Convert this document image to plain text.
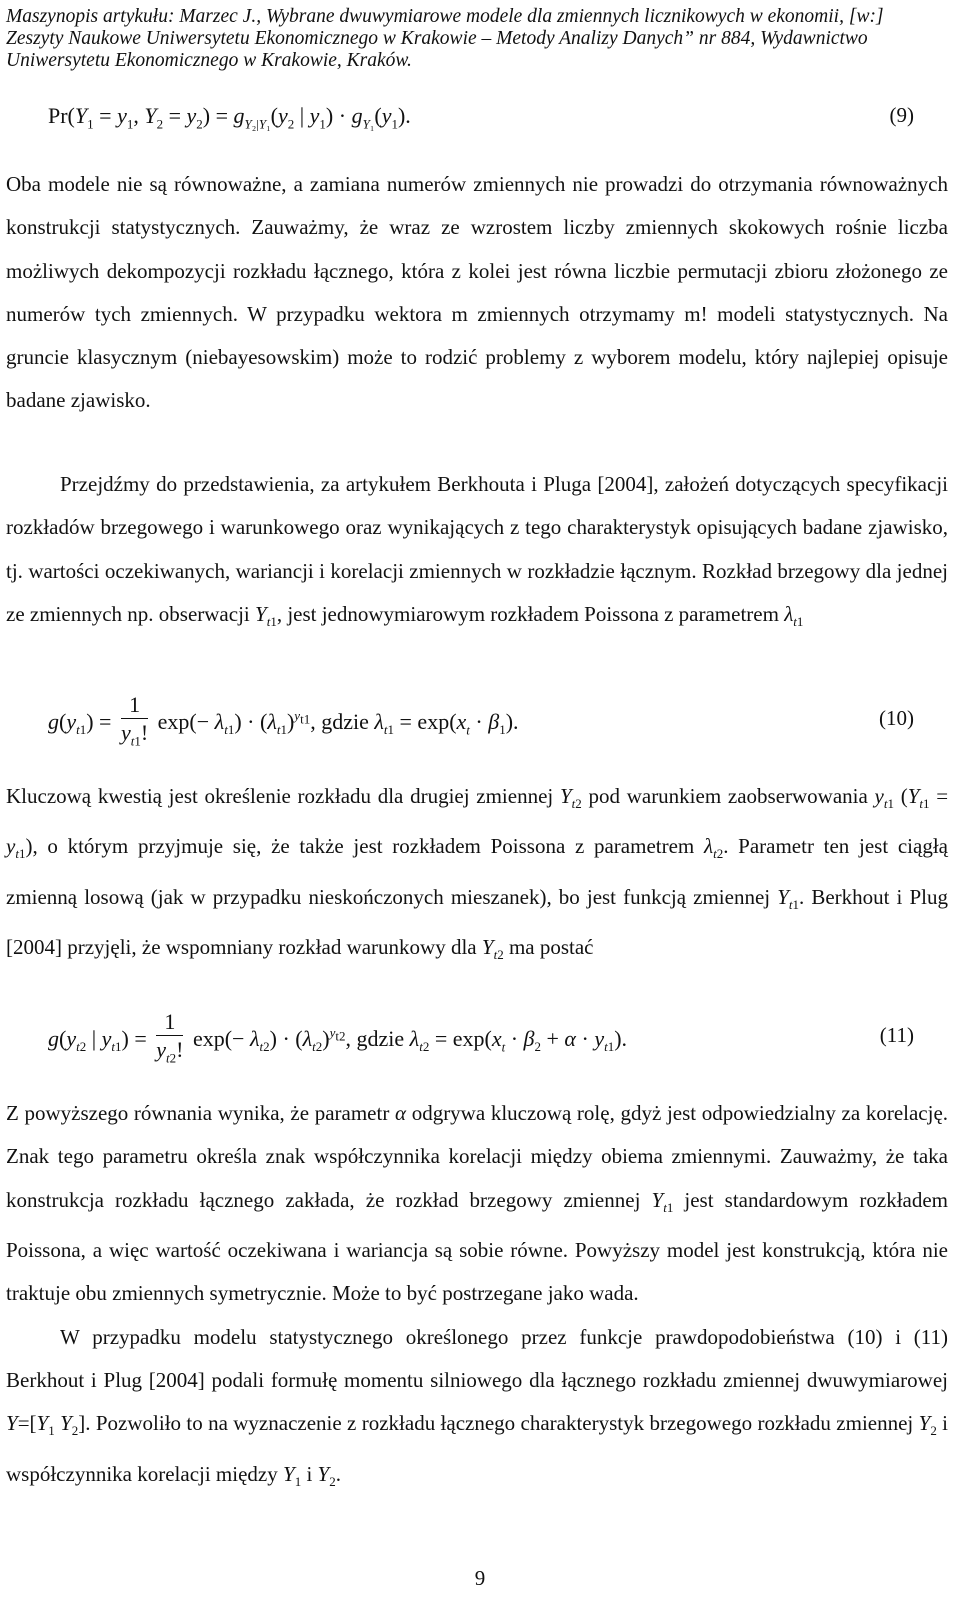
Maszynopis artykułu: Marzec J., Wybrane dwuwymiarowe modele dla zmiennych licznikowych w ekonomii, [w:]
Zeszyty Naukowe Uniwersytetu Ekonomicznego w Krakowie – Metody Analizy Danych” nr 884, Wydawnictwo
Uniwersytetu Ekonomicznego w Krakowie, Kraków.
$Pr(Y_1 = y_1$, $Y_2 = y_2) = g_{Y_2|Y_1}(y_2$ | $y_1) \cdot g_{Y_1}(y_1)$.	(9)

Oba modele nie są równoważne, a zamiana numerów zmiennych nie prowadzi do otrzymania równoważnych konstrukcji statystycznych. Zauważmy, że wraz ze wzrostem liczby zmiennych skokowych rośnie liczba możliwych dekompozycji rozkładu łącznego, która z kolei jest równa liczbie permutacji zbioru złożonego ze numerów tych zmiennych. W przypadku wektora m zmiennych otrzymamy m! modeli statystycznych. Na gruncie klasycznym (niebayesowskim) może to rodzić problemy z wyborem modelu, który najlepiej opisuje badane zjawisko.

Przejdźmy do przedstawienia, za artykułem Berkhouta i Pluga [2004], założeń dotyczących specyfikacji rozkładów brzegowego i warunkowego oraz wynikających z tego charakterystyk opisujących badane zjawisko, tj. wartości oczekiwanych, wariancji i korelacji zmiennych w rozkładzie łącznym. Rozkład brzegowy dla jednej ze zmiennych np. obserwacji $Y_{t1}$, jest jednowymiarowym rozkładem Poissona z parametrem $\lambda_{t1}$

$g(y_{t1}) = \frac{1}{y_{t1}!} \exp(- \lambda_{t1}) \cdot (\lambda_{t1})^{y_{t1}}$, gdzie $\lambda_{t1} = \exp(x_t \cdot \beta_1)$.	(10)

Kluczową kwestią jest określenie rozkładu dla drugiej zmiennej $Y_{t2}$ pod warunkiem zaobserwowania $y_{t1}$ $(Y_{t1} = y_{t1})$, o którym przyjmuje się, że także jest rozkładem Poissona z parametrem $\lambda_{t2}$. Parametr ten jest ciągłą zmienną losową (jak w przypadku nieskończonych mieszanek), bo jest funkcją zmiennej $Y_{t1}$. Berkhout i Plug [2004] przyjęli, że wspomniany rozkład warunkowy dla $Y_{t2}$ ma postać

$g(y_{t2}$ | $y_{t1}) = \frac{1}{y_{t2}!} \exp(- \lambda_{t2}) \cdot (\lambda_{t2})^{y_{t2}}$, gdzie $\lambda_{t2} = \exp(x_t \cdot \beta_2 + \alpha \cdot y_{t1})$.	(11)

Z powyższego równania wynika, że parametr α odgrywa kluczową rolę, gdyż jest odpowiedzialny za korelację. Znak tego parametru określa znak współczynnika korelacji między obiema zmiennymi. Zauważmy, że taka konstrukcja rozkładu łącznego zakłada, że rozkład brzegowy zmiennej $Y_{t1}$ jest standardowym rozkładem Poissona, a więc wartość oczekiwana i wariancja są sobie równe. Powyższy model jest konstrukcją, która nie traktuje obu zmiennych symetrycznie. Może to być postrzegane jako wada.

W przypadku modelu statystycznego określonego przez funkcje prawdopodobieństwa (10) i (11) Berkhout i Plug [2004] podali formułę momentu silniowego dla łącznego rozkładu zmiennej dwuwymiarowej $Y=[Y_1$ $Y_2$]. Pozwoliło to na wyznaczenie z rozkładu łącznego charakterystyk brzegowego rozkładu zmiennej $Y_2$ i współczynnika korelacji między $Y_1$ i $Y_2$.

9
